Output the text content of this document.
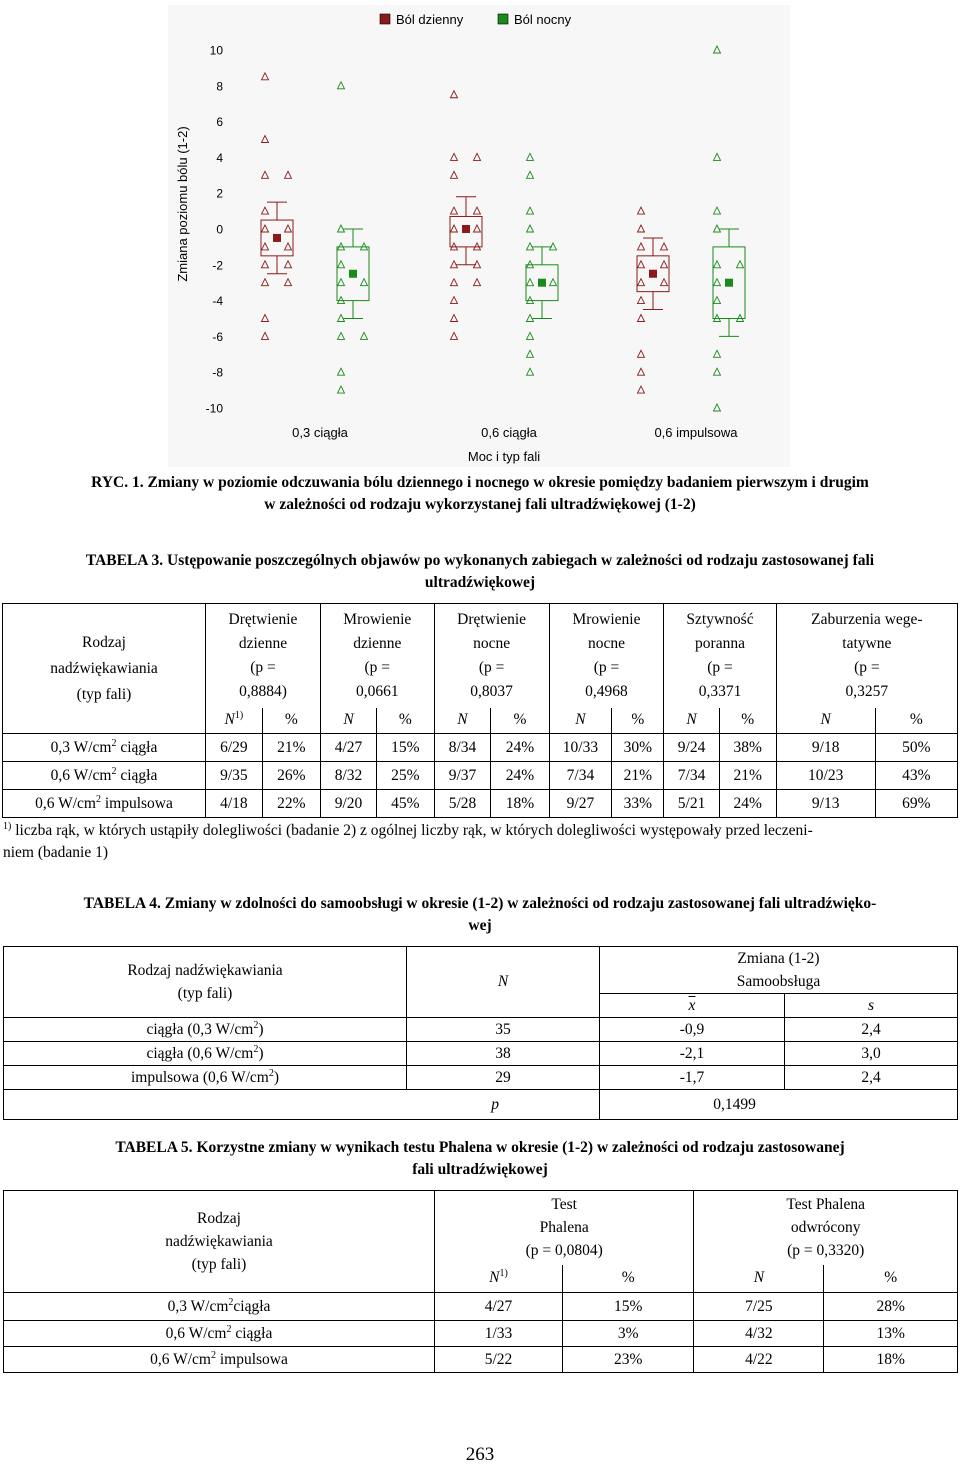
Ból dzienny	Ból nocny
10
8
6
4
2
0
-2
-4
-6
-8
-10
Zmiana poziomu bólu (1-2)
0,3 ciągła	0,6 ciągła	0,6 impulsowa
Moc i typ fali
RYC. 1. Zmiany w poziomie odczuwania bólu dziennego i nocnego w okresie pomiędzy badaniem pierwszym i drugim
w zależności od rodzaju wykorzystanej fali ultradźwiękowej (1-2)
TABELA 3. Ustępowanie poszczególnych objawów po wykonanych zabiegach w zależności od rodzaju zastosowanej fali
ultradźwiękowej
Rodzaj
nadźwiękawiania
(typ fali)	Drętwienie
dzienne
(p =
0,8884)		Mrowienie
dzienne
(p =
0,0661		Drętwienie
nocne
(p =
0,8037		Mrowienie
nocne
(p =
0,4968		Sztywność
poranna
(p =
0,3371		Zaburzenia wege-
tatywne
(p =
0,3257	
	$N^{1)}$	%	N	%	N	%	N	%	N	%	N	%
0,3 $W/cm^2$ ciągła	6/29	21%	4/27	15%	8/34	24%	10/33	30%	9/24	38%	9/18	50%
0,6 $W/cm^2$ ciągła	9/35	26%	8/32	25%	9/37	24%	7/34	21%	7/34	21%	10/23	43%
0,6 $W/cm^2$ impulsowa	4/18	22%	9/20	45%	5/28	18%	9/27	33%	5/21	24%	9/13	69%
$^{1)}$ liczba rąk, w których ustąpiły dolegliwości (badanie 2) z ogólnej liczby rąk, w których dolegliwości występowały przed leczeni-
niem (badanie 1)
TABELA 4. Zmiany w zdolności do samoobsługi w okresie (1-2) w zależności od rodzaju zastosowanej fali ultradźwięko-
wej
Rodzaj nadźwiękawiania
(typ fali)	N	Zmiana (1-2)
Samoobsługa	
		$\overline{x}$	s
ciągła (0,3 $W/cm^2$)	35	-0,9	2,4
ciągła (0,6 $W/cm^2$)	38	-2,1	3,0
impulsowa (0,6 $W/cm^2$)	29	-1,7	2,4
p		0,1499	
TABELA 5. Korzystne zmiany w wynikach testu Phalena w okresie (1-2) w zależności od rodzaju zastosowanej
fali ultradźwiękowej
Rodzaj
nadźwiękawiania
(typ fali)	Test
Phalena
(p = 0,0804)		Test Phalena
odwrócony
(p = 0,3320)	
	$N^{1)}$	%	N	%
0,3 $W/cm^2ciągła$	4/27	15%	7/25	28%
0,6 $W/cm^2$ ciągła	1/33	3%	4/32	13%
0,6 $W/cm^2$ impulsowa	5/22	23%	4/22	18%
263
